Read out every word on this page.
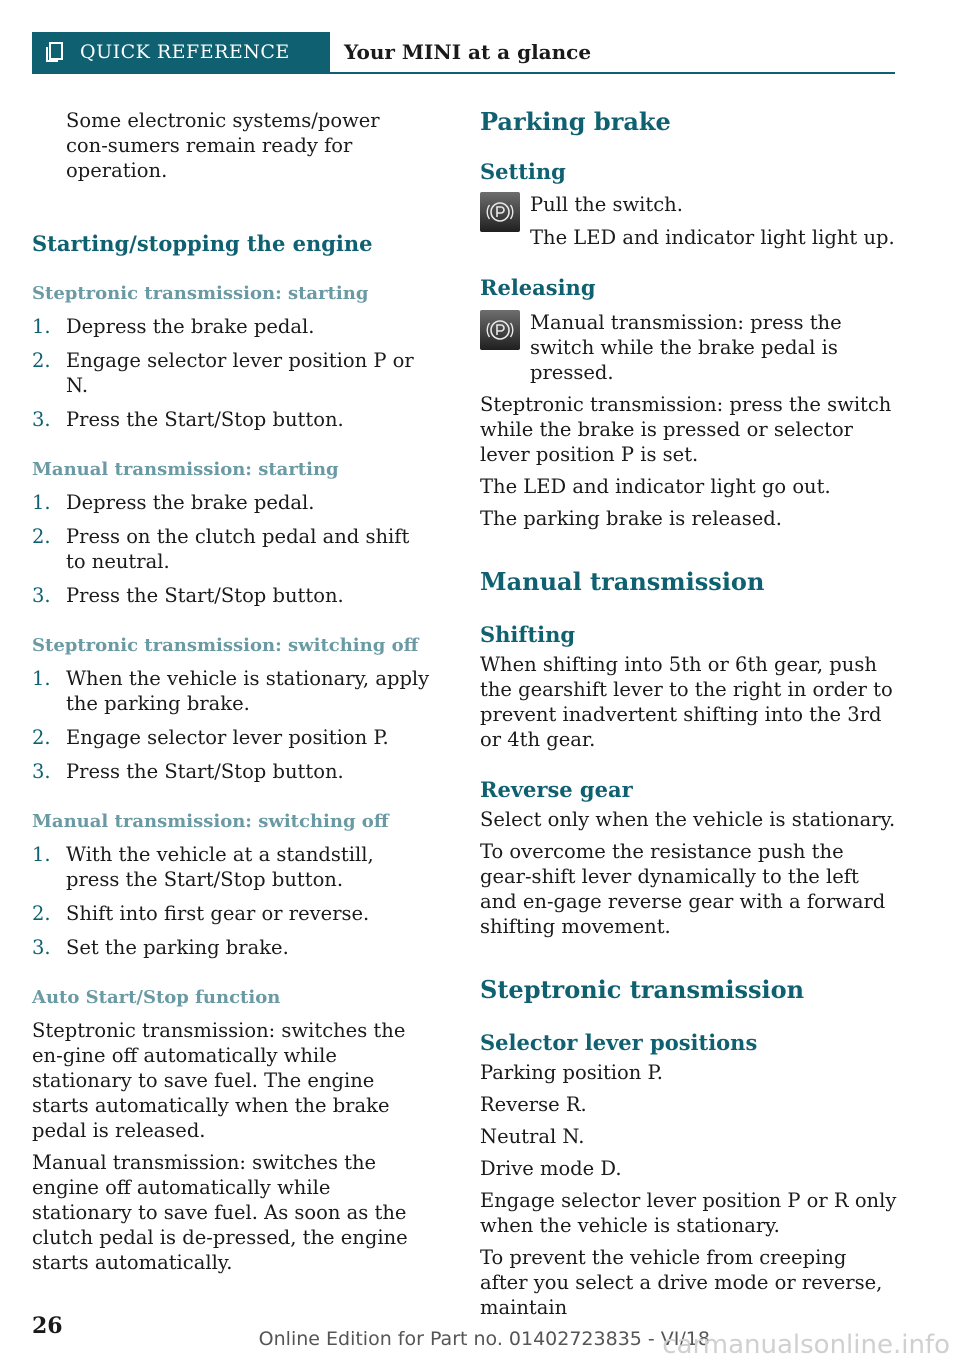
QUICK REFERENCE	Your MINI at a glance

Some electronic systems/power con‑sumers remain ready for operation.

Starting/stopping the engine
Steptronic transmission: starting
1. Depress the brake pedal.
2. Engage selector lever position P or N.
3. Press the Start/Stop button.
Manual transmission: starting
1. Depress the brake pedal.
2. Press on the clutch pedal and shift to neutral.
3. Press the Start/Stop button.
Steptronic transmission: switching off
1. When the vehicle is stationary, apply the parking brake.
2. Engage selector lever position P.
3. Press the Start/Stop button.
Manual transmission: switching off
1. With the vehicle at a standstill, press the Start/Stop button.
2. Shift into first gear or reverse.
3. Set the parking brake.
Auto Start/Stop function

Steptronic transmission: switches the en‑gine off automatically while stationary to save fuel. The engine starts automatically when the brake pedal is released.

Manual transmission: switches the engine off automatically while stationary to save fuel. As soon as the clutch pedal is de‑pressed, the engine starts automatically.

Parking brake
Setting

Pull the switch.

The LED and indicator light light up.

Releasing

Manual transmission: press the switch while the brake pedal is pressed.

Steptronic transmission: press the switch while the brake is pressed or selector lever position P is set.

The LED and indicator light go out.

The parking brake is released.

Manual transmission
Shifting

When shifting into 5th or 6th gear, push the gearshift lever to the right in order to prevent inadvertent shifting into the 3rd or 4th gear.

Reverse gear

Select only when the vehicle is stationary.

To overcome the resistance push the gear‑shift lever dynamically to the left and en‑gage reverse gear with a forward shifting movement.

Steptronic transmission
Selector lever positions

Parking position P.

Reverse R.

Neutral N.

Drive mode D.

Engage selector lever position P or R only when the vehicle is stationary.

To prevent the vehicle from creeping after you select a drive mode or reverse, maintain

26	Online Edition for Part no. 01402723835 - VI/18
carmanualsonline.info
